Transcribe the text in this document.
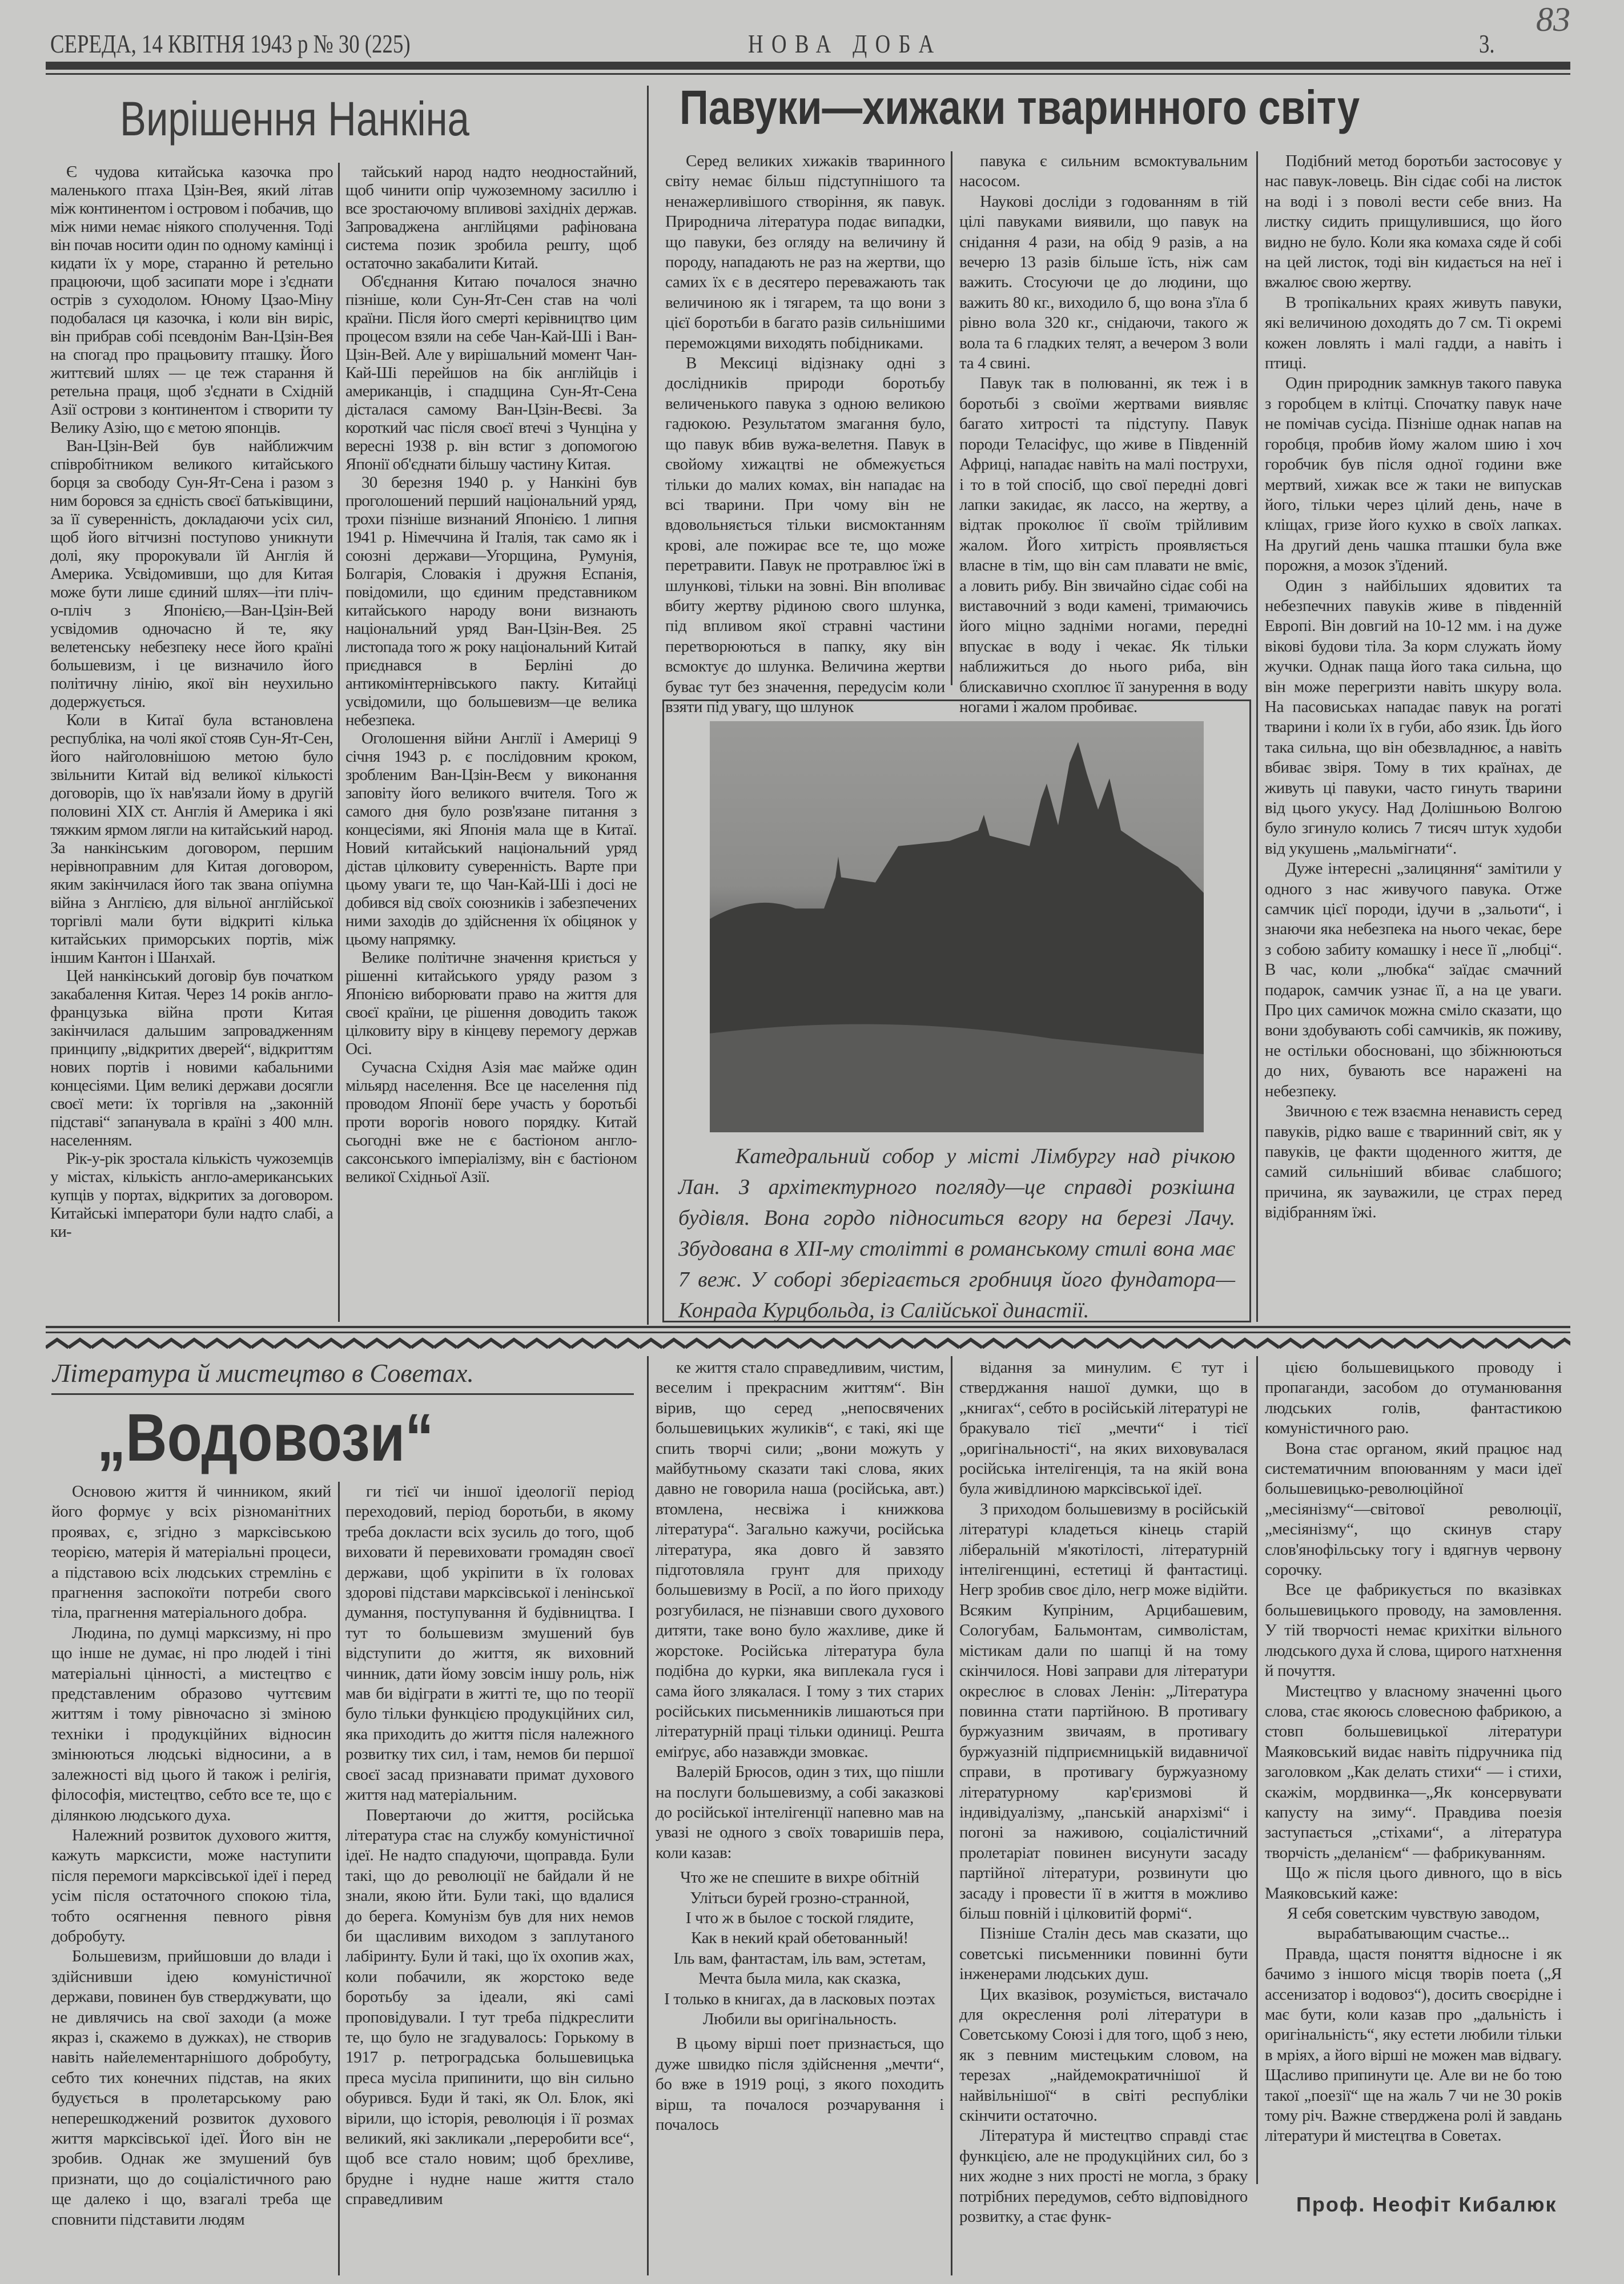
СЕРЕДА, 14 КВІТНЯ 1943 р № 30 (225)	НОВА ДОБА	3.
83
Вирішення Нанкіна

Є чудова китайська казочка про маленького птаха Цзін-Вея, який літав між континентом і островом і побачив, що між ними немає ніякого сполучення. Тоді він почав носити один по одному камінці і кидати їх у море, старанно й ретельно працюючи, щоб засипати море і з'єднати острів з суходолом. Юному Цзао-Міну подобалася ця казочка, і коли він виріс, він прибрав собі псевдонім Ван-Цзін-Вея на спогад про працьовиту пташку. Його життєвий шлях — це теж старання й ретельна праця, щоб з'єднати в Східній Азії острови з континентом і створити ту Велику Азію, що є метою японців.

Ван-Цзін-Вей був найближчим співробітником великого китайського борця за свободу Сун-Ят-Сена і разом з ним боровся за єдність своєї батьківщини, за її суверенність, докладаючи усіх сил, щоб його вітчизні поступово уникнути долі, яку пророкували їй Англія й Америка. Усвідомивши, що для Китая може бути лише єдиний шлях—іти пліч-о-пліч з Японією,—Ван-Цзін-Вей усвідомив одночасно й те, яку велетенську небезпеку несе його країні большевизм, і це визначило його політичну лінію, якої він неухильно додержується.

Коли в Китаї була встановлена республіка, на чолі якої стояв Сун-Ят-Сен, його найголовнішою метою було звільнити Китай від великої кількості договорів, що їх нав'язали йому в другій половині XIX ст. Англія й Америка і які тяжким ярмом лягли на китайський народ. За нанкінським договором, першим нерівноправним для Китая договором, яким закінчилася його так звана опіумна війна з Англією, для вільної англійської торгівлі мали бути відкриті кілька китайських приморських портів, між іншим Кантон і Шанхай.

Цей нанкінський договір був початком закабалення Китая. Через 14 років англо-французька війна проти Китая закінчилася дальшим запровадженням принципу „відкритих дверей“, відкриттям нових портів і новими кабальними концесіями. Цим великі держави досягли своєї мети: їх торгівля на „законній підставі“ запанувала в країні з 400 млн. населенням.

Рік-у-рік зростала кількість чужоземців у містах, кількість англо-американських купців у портах, відкритих за договором. Китайські імператори були надто слабі, а ки-

тайський народ надто неодностайний, щоб чинити опір чужоземному засиллю і все зростаючому впливові західніх держав. Запроваджена англійцями рафінована система позик зробила решту, щоб остаточно закабалити Китай.

Об'єднання Китаю почалося значно пізніше, коли Сун-Ят-Сен став на чолі країни. Після його смерті керівництво цим процесом взяли на себе Чан-Кай-Ші і Ван-Цзін-Вей. Але у вирішальний момент Чан-Кай-Ші перейшов на бік англійців і американців, і спадщина Сун-Ят-Сена дісталася самому Ван-Цзін-Веєві. За короткий час після своєї втечі з Чунціна у вересні 1938 р. він встиг з допомогою Японії об'єднати більшу частину Китая.

30 березня 1940 р. у Нанкіні був проголошений перший національний уряд, трохи пізніше визнаний Японією. 1 липня 1941 р. Німеччина й Італія, так само як і союзні держави—Угорщина, Румунія, Болгарія, Словакія і дружня Еспанія, повідомили, що єдиним представником китайського народу вони визнають національний уряд Ван-Цзін-Вея. 25 листопада того ж року національний Китай приєднався в Берліні до антикомінтернівського пакту. Китайці усвідомили, що большевизм—це велика небезпека.

Оголошення війни Англії і Америці 9 січня 1943 р. є послідовним кроком, зробленим Ван-Цзін-Веєм у виконання заповіту його великого вчителя. Того ж самого дня було розв'язане питання з концесіями, які Японія мала ще в Китаї. Новий китайський національний уряд дістав цілковиту суверенність. Варте при цьому уваги те, що Чан-Кай-Ші і досі не добився від своїх союзників і забезпечених ними заходів до здійснення їх обіцянок у цьому напрямку.

Велике політичне значення криється у рішенні китайського уряду разом з Японією виборювати право на життя для своєї країни, це рішення доводить також цілковиту віру в кінцеву перемогу держав Осі.

Сучасна Східня Азія має майже один мільярд населення. Все це населення під проводом Японії бере участь у боротьбі проти ворогів нового порядку. Китай сьогодні вже не є бастіоном англо-саксонського імперіалізму, він є бастіоном великої Східньої Азії.

Павуки—хижаки тваринного світу

Серед великих хижаків тваринного світу немає більш підступнішого та ненажерливішого створіння, як павук. Природнича література подає випадки, що павуки, без огляду на величину й породу, нападають не раз на жертви, що самих їх є в десятеро переважають так величиною як і тягарем, та що вони з цієї боротьби в багато разів сильнішими переможцями виходять побідниками.

В Мексиці відізнаку одні з дослідників природи боротьбу величенького павука з одною великою гадюкою. Результатом змагання було, що павук вбив вужа-велетня. Павук в свойому хижацтві не обмежується тільки до малих комах, він нападає на всі тварини. При чому він не вдовольняється тільки висмоктанням крові, але пожирає все те, що може перетравити. Павук не протравлює їжі в шлункові, тільки на зовні. Він вполиває вбиту жертву рідиною свого шлунка, під впливом якої стравні частини перетворюються в папку, яку він всмоктує до шлунка. Величина жертви буває тут без значення, передусім коли взяти під увагу, що шлунок

павука є сильним всмоктувальним насосом.

Наукові досліди з годованням в тій цілі павуками виявили, що павук на снідання 4 рази, на обід 9 разів, а на вечерю 13 разів більше їсть, ніж сам важить. Стосуючи це до людини, що важить 80 кг., виходило б, що вона з'їла б рівно вола 320 кг., снідаючи, такого ж вола та 6 гладких телят, а вечером 3 воли та 4 свині.

Павук так в полюванні, як теж і в боротьбі з своїми жертвами виявляє багато хитрості та підступу. Павук породи Теласіфус, що живе в Південній Африці, нападає навіть на малі пострухи, і то в той спосіб, що свої передні довгі лапки закидає, як лассо, на жертву, а відтак проколює її своїм трійливим жалом. Його хитрість проявляється власне в тім, що він сам плавати не вміє, а ловить рибу. Він звичайно сідає собі на виставочний з води камені, тримаючись його міцно задніми ногами, передні впускає в воду і чекає. Як тільки наближиться до нього риба, він блискавично схоплює її занурення в воду ногами і жалом пробиває.

Подібний метод боротьби застосовує у нас павук-ловець. Він сідає собі на листок на воді і з поволі вести себе вниз. На листку сидить прищулившися, що його видно не було. Коли яка комаха сяде й собі на цей листок, тоді він кидається на неї і вжалює свою жертву.

В тропікальних краях живуть павуки, які величиною доходять до 7 см. Ті окремі кожен ловлять і малі гадди, а навіть і птиці.

Один природник замкнув такого павука з горобцем в клітці. Спочатку павук наче не помічав сусіда. Пізніше однак напав на горобця, пробив йому жалом шию і хоч горобчик був після одної години вже мертвий, хижак все ж таки не випускав його, тільки через цілий день, наче в кліщах, гризе його кухко в своїх лапках. На другий день чашка пташки була вже порожня, а мозок з'їдений.

Один з найбільших ядовитих та небезпечних павуків живе в південній Европі. Він довгий на 10-12 мм. і на дуже вікові будови тіла. За корм служать йому жучки. Однак паща його така сильна, що він може перегризти навіть шкуру вола. На пасовиськах нападає павук на рогаті тварини і коли їх в губи, або язик. Їдь його така сильна, що він обезвладнює, а навіть вбиває звіря. Тому в тих країнах, де живуть ці павуки, часто гинуть тварини від цього укусу. Над Долішньою Волгою було згинуло колись 7 тисяч штук худоби від укушень „мальмігнати“.

Дуже інтересні „залицяння“ замітили у одного з нас живучого павука. Отже самчик цієї породи, ідучи в „зальоти“, і знаючи яка небезпека на нього чекає, бере з собою забиту комашку і несе її „любці“. В час, коли „любка“ заїдає смачний подарок, самчик узнає її, а на це уваги. Про цих самичок можна сміло сказати, що вони здобувають собі самчиків, як поживу, не остільки обосновані, що збіжнюються до них, бувають все наражені на небезпеку.

Звичною є теж взаємна ненависть серед павуків, рідко ваше є тваринний світ, як у павуків, це факти щоденного життя, де самий сильніший вбиває слабшого; причина, як зауважили, це страх перед відібранням їжі.

Катедральний собор у місті Лімбургу над річкою Лан. З архітектурного погляду—це справді розкішна будівля. Вона гордо підноситься вгору на березі Лачу. Збудована в XII-му столітті в романському стилі вона має 7 веж. У соборі зберігається гробниця його фундатора—Конрада Курцбольда, із Салійської династії.
Література й мистецтво в Советах.
„Водовози“

Основою життя й чинником, який його формує у всіх різноманітних проявах, є, згідно з марксівською теорією, матерія й матеріальні процеси, а підставою всіх людських стремлінь є прагнення заспокоїти потреби свого тіла, прагнення матеріального добра.

Людина, по думці марксизму, ні про що інше не думає, ні про людей і тіні матеріальні цінності, а мистецтво є представленим образово чуттєвим життям і тому рівночасно зі зміною техніки і продукційних відносин змінюються людські відносини, а в залежності від цього й також і релігія, філософія, мистецтво, себто все те, що є ділянкою людського духа.

Належний розвиток духового життя, кажуть марксисти, може наступити після перемоги марксівської ідеї і перед усім після остаточного спокою тіла, тобто осягнення певного рівня добробуту.

Большевизм, прийшовши до влади і здійснивши ідею комуністичної держави, повинен був стверджувати, що не дивлячись на свої заходи (а може якраз і, скажемо в дужках), не створив навіть найелементарнішого добробуту, себто тих конечних підстав, на яких будується в пролетарському раю неперешкоджений розвиток духового життя марксівської ідеї. Його він не зробив. Однак же змушений був признати, що до соціалістичного раю ще далеко і що, взагалі треба ще сповнити підставити людям

ги тієї чи іншої ідеології період переходовий, період боротьби, в якому треба докласти всіх зусиль до того, щоб виховати й перевиховати громадян своєї держави, щоб укріпити в їх головах здорові підстави марксівської і ленінської думання, поступування й будівництва. І тут то большевизм змушений був відступити до життя, як виховний чинник, дати йому зовсім іншу роль, ніж мав би відіграти в житті те, що по теорії було тільки функцією продукційних сил, яка приходить до життя після належного розвитку тих сил, і там, немов би першої своєї засад признавати примат духового життя над матеріальним.

Повертаючи до життя, російська література стає на службу комуністичної ідеї. Не надто спадуючи, щоправда. Були такі, що до революції не байдали й не знали, якою йти. Були такі, що вдалися до берега. Комунізм був для них немов би щасливим виходом з заплутаного лабіринту. Були й такі, що їх охопив жах, коли побачили, як жорстоко веде боротьбу за ідеали, які самі проповідували. І тут треба підкреслити те, що було не згадувалось: Горькому в 1917 р. петроградська большевицька преса мусіла припинити, що він сильно обурився. Буди й такі, як Ол. Блок, які вірили, що історія, революція і її розмах великий, які закликали „переробити все“, щоб все стало новим; щоб брехливе, брудне і нудне наше життя стало справедливим

ке життя стало справедливим, чистим, веселим і прекрасним життям“. Він вірив, що серед „непосвячених большевицьких жуликів“, є такі, які ще спить творчі сили; „вони можуть у майбутньому сказати такі слова, яких давно не говорила наша (російська, авт.) втомлена, несвіжа і книжкова література“. Загально кажучи, російська література, яка довго й завзято підготовляла грунт для приходу большевизму в Росії, а по його приходу розгубилася, не пізнавши свого духового дитяти, таке воно було жахливе, дике й жорстоке. Російська література була подібна до курки, яка виплекала гуся і сама його злякалася. І тому з тих старих російських письменників лишаються при літературній праці тільки одиниці. Решта еміґрує, або назавжди змовкає.

Валерій Брюсов, один з тих, що пішли на послуги большевизму, а собі заказкові до російської інтелігенції напевно мав на увазі не одного з своїх товаришів пера, коли казав:

Что же не спешите в вихре обітній

Улітьси бурей грозно-странной,

І что ж в былое с тоской глядите,

Как в некий край обетованный!

Іль вам, фантастам, іль вам, эстетам,

Мечта была мила, как сказка,

І только в книгах, да в ласковых поэтах

Любили вы оригінальность.

В цьому вірші поет признається, що дуже швидко після здійснення „мечти“, бо вже в 1919 році, з якого походить вірш, та почалося розчарування і почалось

відання за минулим. Є тут і стверджання нашої думки, що в „книгах“, себто в російській літературі не бракувало тієї „мечти“ і тієї „оригінальності“, на яких виховувалася російська інтелігенція, та на якій вона була живідлиною марксівської ідеї.

З приходом большевизму в російській літературі кладеться кінець старій ліберальній м'якотілості, літературній інтелігенщині, естетиці й фантастиці. Негр зробив своє діло, негр може відійти. Всяким Купріним, Арцибашевим, Сологубам, Бальмонтам, символістам, містикам дали по шапці й на тому скінчилося. Нові заправи для літератури окреслює в словах Ленін: „Література повинна стати партійною. В противагу буржуазним звичаям, в противагу буржуазній підприємницькій видавничої справи, в противагу буржуазному літературному кар'єризмові й індивідуалізму, „панській анархізмі“ і погоні за наживою, соціалістичний пролетаріат повинен висунути засаду партійної літератури, розвинути цю засаду і провести її в життя в можливо більш повній і цілковитій формі“.

Пізніше Сталін десь мав сказати, що советські письменники повинні бути інженерами людських душ.

Цих вказівок, розуміється, вистачало для окреслення ролі літератури в Советському Союзі і для того, щоб з нею, як з певним мистецьким словом, на терезах „найдемократичнішої й найвільнішої“ в світі республіки скінчити остаточно.

Література й мистецтво справді стає функцією, але не продукційних сил, бо з них жодне з них прості не могла, з браку потрібних передумов, себто відповідного розвитку, а стає функ-

цією большевицького проводу і пропаганди, засобом до отуманювання людських голів, фантастикою комуністичного раю.

Вона стає органом, який працює над систематичним впоюванням у маси ідеї большевицько-революційної „месіянізму“—світової революції, „месіянізму“, що скинув стару слов'янофільську тогу і вдягнув червону сорочку.

Все це фабрикується по вказівках большевицького проводу, на замовлення. У тій творчості немає крихітки вільного людського духа й слова, щирого натхнення й почуття.

Мистецтво у власному значенні цього слова, стає якоюсь словесною фабрикою, а стовп большевицької літератури Маяковський видає навіть підручника під заголовком „Как делать стихи“ — і стихи, скажім, мордвинка—„Як консервувати капусту на зиму“. Правдива поезія заступається „стіхами“, а література творчість „деланієм“ — фабрикуванням.

Що ж після цього дивного, що в вісь Маяковський каже:

Я себя советским чувствую заводом, вырабатывающим счастье...

Правда, щастя поняття відносне і як бачимо з іншого місця творів поета („Я ассенизатор і водовоз“), досить своєрідне і має бути, коли казав про „дальність і оригінальність“, яку естети любили тільки в мріях, а його вірші не можен мав відвагу. Щасливо припинути це. Але ви не бо тою такої „поезії“ ще на жаль 7 чи не 30 років тому річ. Важне стверджена ролі й завдань літератури й мистецтва в Советах.

Проф. Неофіт Кибалюк
